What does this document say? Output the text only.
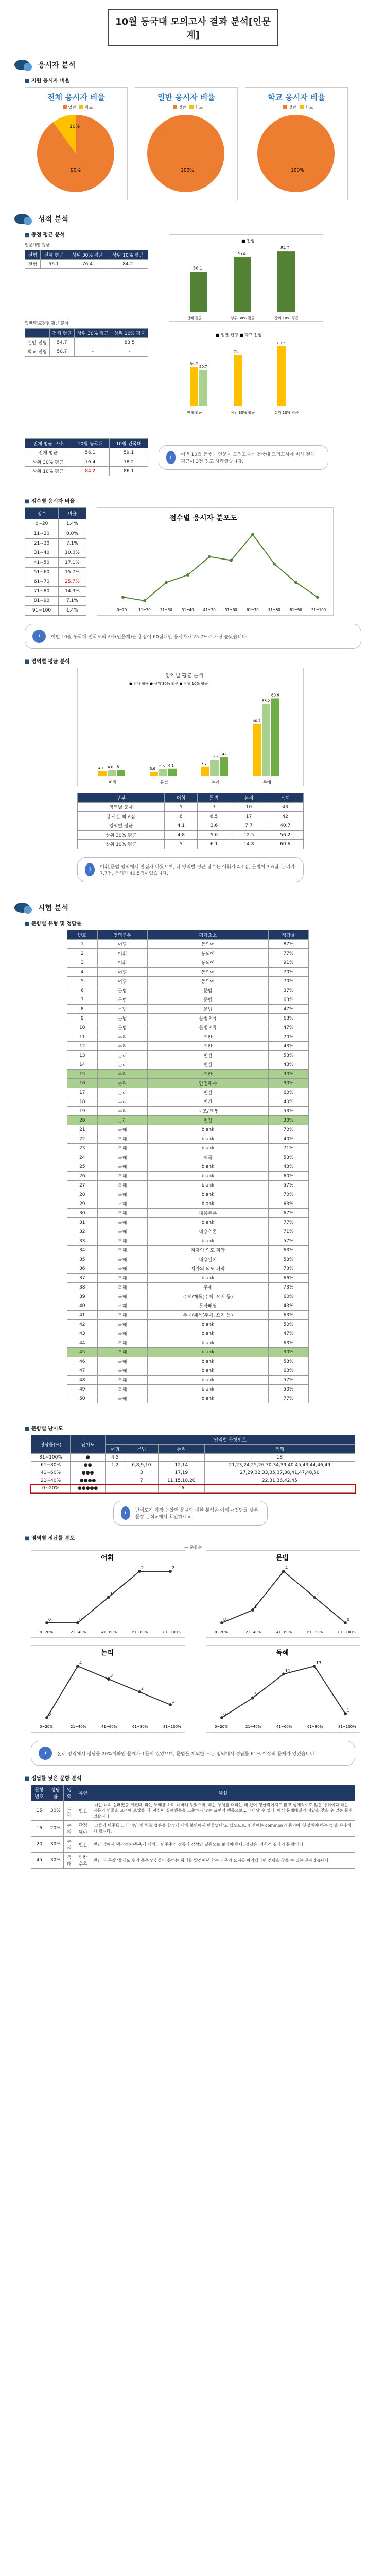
10월 동국대 모의고사 결과 분석[인문계]
응시자 분석
■ 지원 응시자 비율
전체 응시자 비율
일반 학교
10%
90%
일반 응시자 비율
일반 학교
100%
학교 응시자 비율
일반 학교
100%
성적 분석
■ 총점 평균 분석
인문계열 평균
전형	전체 평균	상위 30% 평균	상위 10% 평균
전형	56.1	76.4	84.2
일반/학교전형 평균 분석
	전체 평균	상위 30% 평균	상위 10% 평균
일반 전형	54.7		83.5
학교 전형	50.7	-	-
■ 전형
56.1
전체 평균
76.4
상위 30% 평균
84.2
상위 10% 평균

■ 일반 전형 ■ 학교 전형
54.7
50.7
전체 평균
71
상위 30% 평균
83.5
상위 10% 평균
전체 평균 고사	10월 동국대	10월 건국대
전체 평균	56.1	59.1
상위 30% 평균	76.4	78.2
상위 10% 평균	84.2	86.1
i	이번 10월 동국대 인문계 모의고사는 건국대 모의고사에 비해 전체 평균이 3점 정도 하락했습니다.
■ 점수별 응시자 비율
점수	비율
0~20	1.4%
11~20	0.0%
21~30	7.1%
31~40	10.0%
41~50	17.1%
51~60	15.7%
61~70	25.7%
71~80	14.3%
81~90	7.1%
91~100	1.4%
점수별 응시자 분포도
0~20	11~20	21~30	31~40	41~50	51~60	61~70	71~80	81~90	91~100
i	이번 10월 동국대 전국모의고사(인문계)는 총점이 60점대인 응시자가 25.7%로 가장 높았습니다.
■ 영역별 평균 분석
영역별 평균 분석
● 전체 평균 ● 상위 30% 평균 ● 상위 10% 평균
4.1 4.8 5
어휘
3.6
5.6 6.1
문법
7.7
12.5
14.8
논리
40.7
56.2
60.6
독해
구분	어휘	문법	논리	독해
영역별 출제	5	7	10	43
총시간 최고점	6	6.5	17	42
영역별 평균	4.1	3.6	7.7	40.7
상위 30% 평균	4.8	5.6	12.5	56.2
상위 10% 평균	5	6.1	14.8	60.6
i	어휘,문법 영역에서 만점자 나왔으며, 각 영역별 평균 점수는 어휘가 4.1점, 문법이 3.6점, 논리가 7.7점, 독해가 40.5점이었습니다.
시험 분석
■ 문항별 유형 및 정답률
번호	영역구분	평가요소	정답률
1	어휘	동의어	87%
2	어휘	동의어	77%
3	어휘	동의어	91%
4	어휘	동의어	70%
5	어휘	동의어	70%
6	문법	문법	37%
7	문법	문법	63%
8	문법	문법	47%
9	문법	문법오류	63%
10	문법	문법오류	47%
11	논리	빈칸	70%
12	논리	빈칸	43%
13	논리	빈칸	53%
14	논리	빈칸	43%
15	논리	빈칸	30%
16	논리	단정해야	30%
17	논리	빈칸	60%
18	논리	빈칸	40%
19	논리	대조/반박	53%
20	논리	빈칸	30%
21	독해	blank	70%
22	독해	blank	40%
23	독해	blank	71%
24	독해	제목	53%
25	독해	blank	43%
26	독해	blank	60%
27	독해	blank	57%
28	독해	blank	70%
29	독해	blank	63%
30	독해	내용추론	67%
31	독해	blank	77%
32	독해	내용추론	71%
33	독해	blank	57%
34	독해	저자의 의도 파악	63%
35	독해	내용일치	53%
36	독해	저자의 의도 파악	73%
37	독해	blank	66%
38	독해	주제	73%
39	독해	주제/제목(주제, 요지 등)	60%
40	독해	문장배열	43%
41	독해	주제/제목(주제, 요지 등)	63%
42	독해	blank	50%
43	독해	blank	47%
44	독해	blank	63%
45	독해	blank	30%
46	독해	blank	53%
47	독해	blank	63%
48	독해	blank	57%
49	독해	blank	50%
50	독해	blank	77%
■ 문항별 난이도
정답률(%)	난이도	영역별 문항번호			
		어휘	문법	논리	독해
81~100%	●	4,5			18
61~80%	●●	1,2	6,8,9,10	12,14	21,23,24,25,26,30,34,39,40,45,43,44,46,49
41~60%	●●●		3	17,19	27,29,32,33,35,37,38,41,47,48,50
21~40%	●●●●		7	11,15,18,20	22,31,36,42,45
0~20%	●●●●●			16	
i	난이도가 가장 높았던 문제와 대한 분석은 아래 <정답률 낮은 문항 분석>에서 확인하세요.
■ 영역별 정답률 분포
— 문항수
어휘
0
0~20%
0
21~40%
1
41~60%
2
61~80%
2
81~100%
문법
0
0~20%
1
21~40%
4
41~60%
2
61~80%
0
81~100%
논리
0
0~20%
4
21~40%
3
41~60%
2
61~80%
1
81~100%
독해
0
0~20%
5
21~40%
11
41~60%
13
61~80%
1
81~100%
i	논리 영역에서 정답률 20%이하인 문제가 1문제 있었으며, 문법을 제외한 모든 영역에서 정답률 61% 이상의 문제가 있었습니다.
■ 정답률 낮은 문항 분석
문항번호	정답률	영역	유형	해설
15	30%	논리	빈칸	'나는 너의 실패였을 거였다' 라는 노래를 하며 내버려 두었으며, 하는 상처를 대하는 데 있어 생산적이지도 않고 생체적이도 않은 방식이다'라는 자문의 인물을 고려해 보았을 때 '자신이 실패했음을 노출하지 않는 표면적 행동으로... 나타날 수 있다' 에서 문제해결의 정답을 찾을 수 있는 문제였습니다.
16	20%	논리	단정해야	'그들과 마주를 그가 미안 및 빛을 했음을 할것에 대해 불안해서 만들었다'고 했으므로, 빈칸에는 common의 동의어 '부정해야 하는 것'을 유추해야 합니다.
20	30%	논리	빈칸	빈칸 앞에서 '목장정치/목축에 대해... 민주주의 전통과 감성인 결론으로 보아야 한다. 정답은 '과학적 결과의 문제'이다.
45	30%	독해	빈칸 추론	빈칸 뒤 문장 '좋게도 우리 몸은 엄청들이 통하는 형태를 발견해낸다'는 지문의 요지를 파악했다면 정답을 찾을 수 있는 문제였습니다.
